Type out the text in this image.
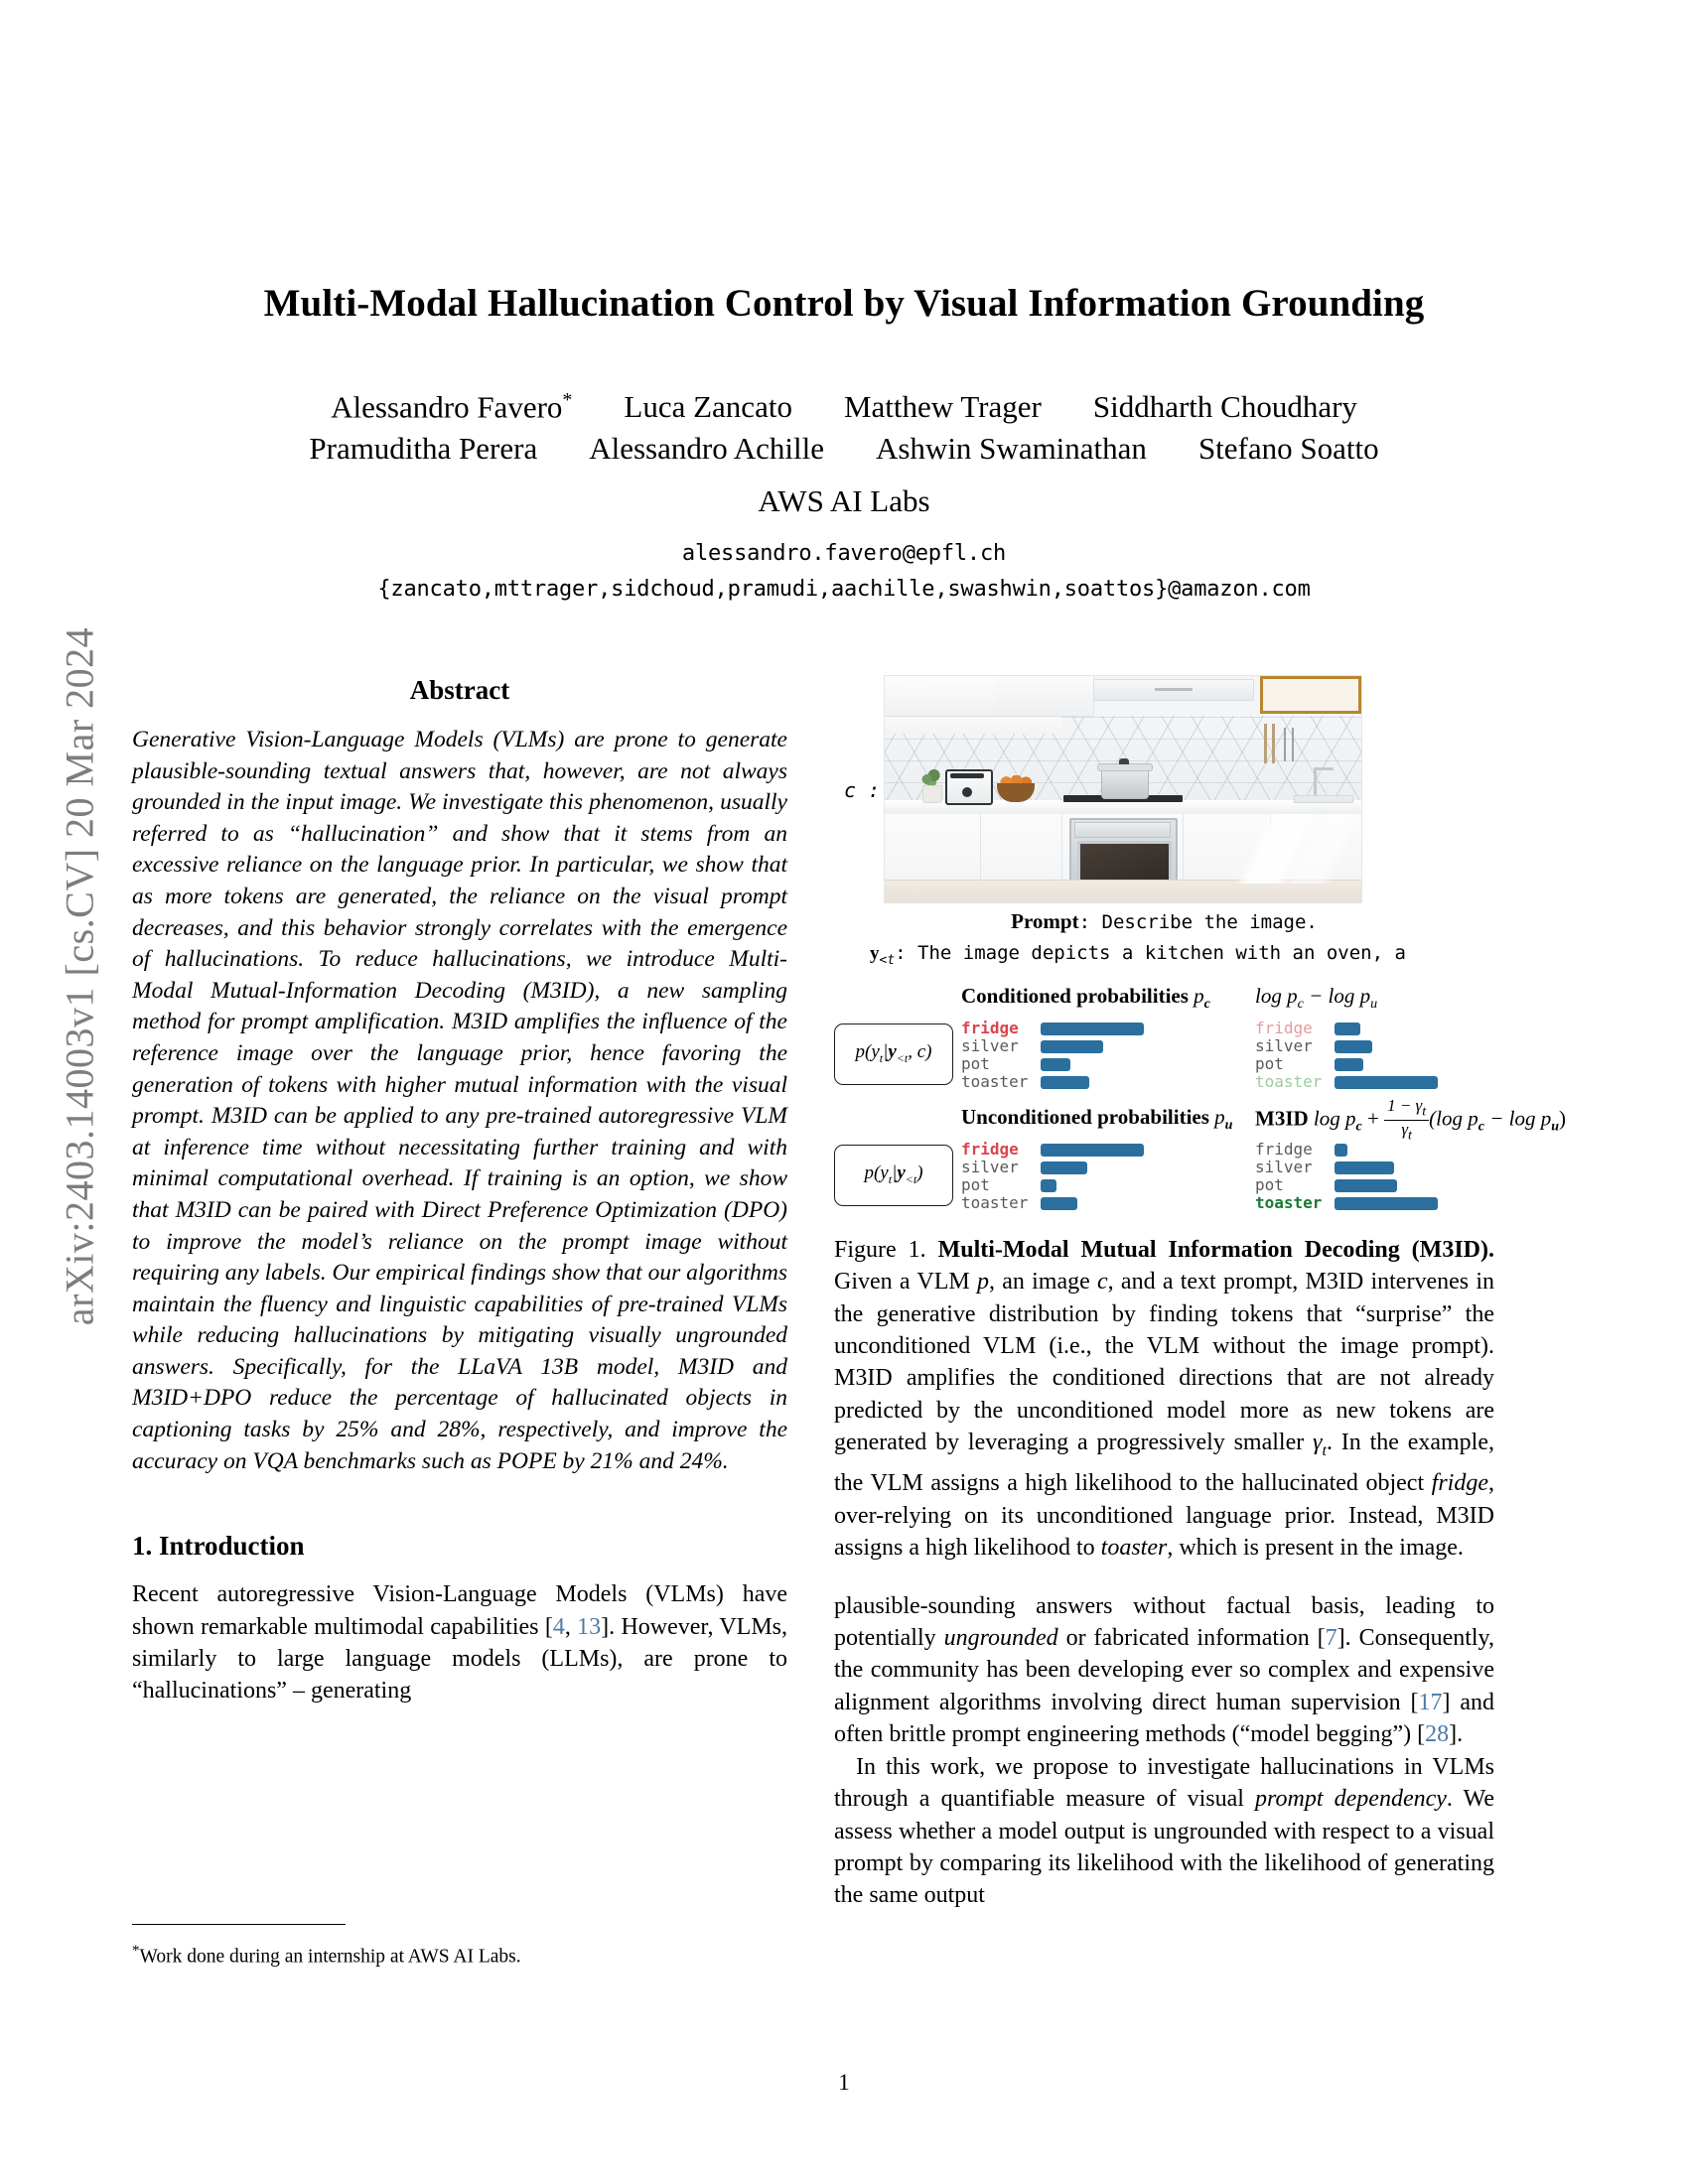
arXiv:2403.14003v1 [cs.CV] 20 Mar 2024
Multi-Modal Hallucination Control by Visual Information Grounding
Alessandro Favero* Luca Zancato Matthew Trager Siddharth Choudhary
Pramuditha Perera Alessandro Achille Ashwin Swaminathan Stefano Soatto
AWS AI Labs
alessandro.favero@epfl.ch
{zancato,mttrager,sidchoud,pramudi,aachille,swashwin,soattos}@amazon.com
Abstract

Generative Vision-Language Models (VLMs) are prone to generate plausible-sounding textual answers that, however, are not always grounded in the input image. We investigate this phenomenon, usually referred to as “hallucination” and show that it stems from an excessive reliance on the language prior. In particular, we show that as more tokens are generated, the reliance on the visual prompt decreases, and this behavior strongly correlates with the emergence of hallucinations. To reduce hallucinations, we introduce Multi-Modal Mutual-Information Decoding (M3ID), a new sampling method for prompt amplification. M3ID amplifies the influence of the reference image over the language prior, hence favoring the generation of tokens with higher mutual information with the visual prompt. M3ID can be applied to any pre-trained autoregressive VLM at inference time without necessitating further training and with minimal computational overhead. If training is an option, we show that M3ID can be paired with Direct Preference Optimization (DPO) to improve the model’s reliance on the prompt image without requiring any labels. Our empirical findings show that our algorithms maintain the fluency and linguistic capabilities of pre-trained VLMs while reducing hallucinations by mitigating visually ungrounded answers. Specifically, for the LLaVA 13B model, M3ID and M3ID+DPO reduce the percentage of hallucinated objects in captioning tasks by 25% and 28%, respectively, and improve the accuracy on VQA benchmarks such as POPE by 21% and 24%.

1. Introduction

Recent autoregressive Vision-Language Models (VLMs) have shown remarkable multimodal capabilities [4, 13]. However, VLMs, similarly to large language models (LLMs), are prone to “hallucinations” – generating

*Work done during an internship at AWS AI Labs.
c :
Prompt: Describe the image.
$y_{<t}$: The image depicts a kitchen with an oven, a
Conditioned probabilities $p_c$ $\log p_c - \log p_u$
$p(y_t|y_{<t}$, c)
fridge
silver
pot
toaster
fridge
silver
pot
toaster
Unconditioned probabilities $p_u$ M3ID $\log p_c + \frac{1 - \gamma_t}{\gamma_t} (\log$ $p_c - \log p_u$)
$p(y_t|y_{<t})$
fridge
silver
pot
toaster
fridge
silver
pot
toaster
Figure 1. Multi-Modal Mutual Information Decoding (M3ID). Given a VLM p, an image c, and a text prompt, M3ID intervenes in the generative distribution by finding tokens that “surprise” the unconditioned VLM (i.e., the VLM without the image prompt). M3ID amplifies the conditioned directions that are not already predicted by the unconditioned model more as new tokens are generated by leveraging a progressively smaller $\gamma_t$. In the example, the VLM assigns a high likelihood to the hallucinated object fridge, over-relying on its unconditioned language prior. Instead, M3ID assigns a high likelihood to toaster, which is present in the image.

plausible-sounding answers without factual basis, leading to potentially ungrounded or fabricated information [7]. Consequently, the community has been developing ever so complex and expensive alignment algorithms involving direct human supervision [17] and often brittle prompt engineering methods (“model begging”) [28].

In this work, we propose to investigate hallucinations in VLMs through a quantifiable measure of visual prompt dependency. We assess whether a model output is ungrounded with respect to a visual prompt by comparing its likelihood with the likelihood of generating the same output

1
